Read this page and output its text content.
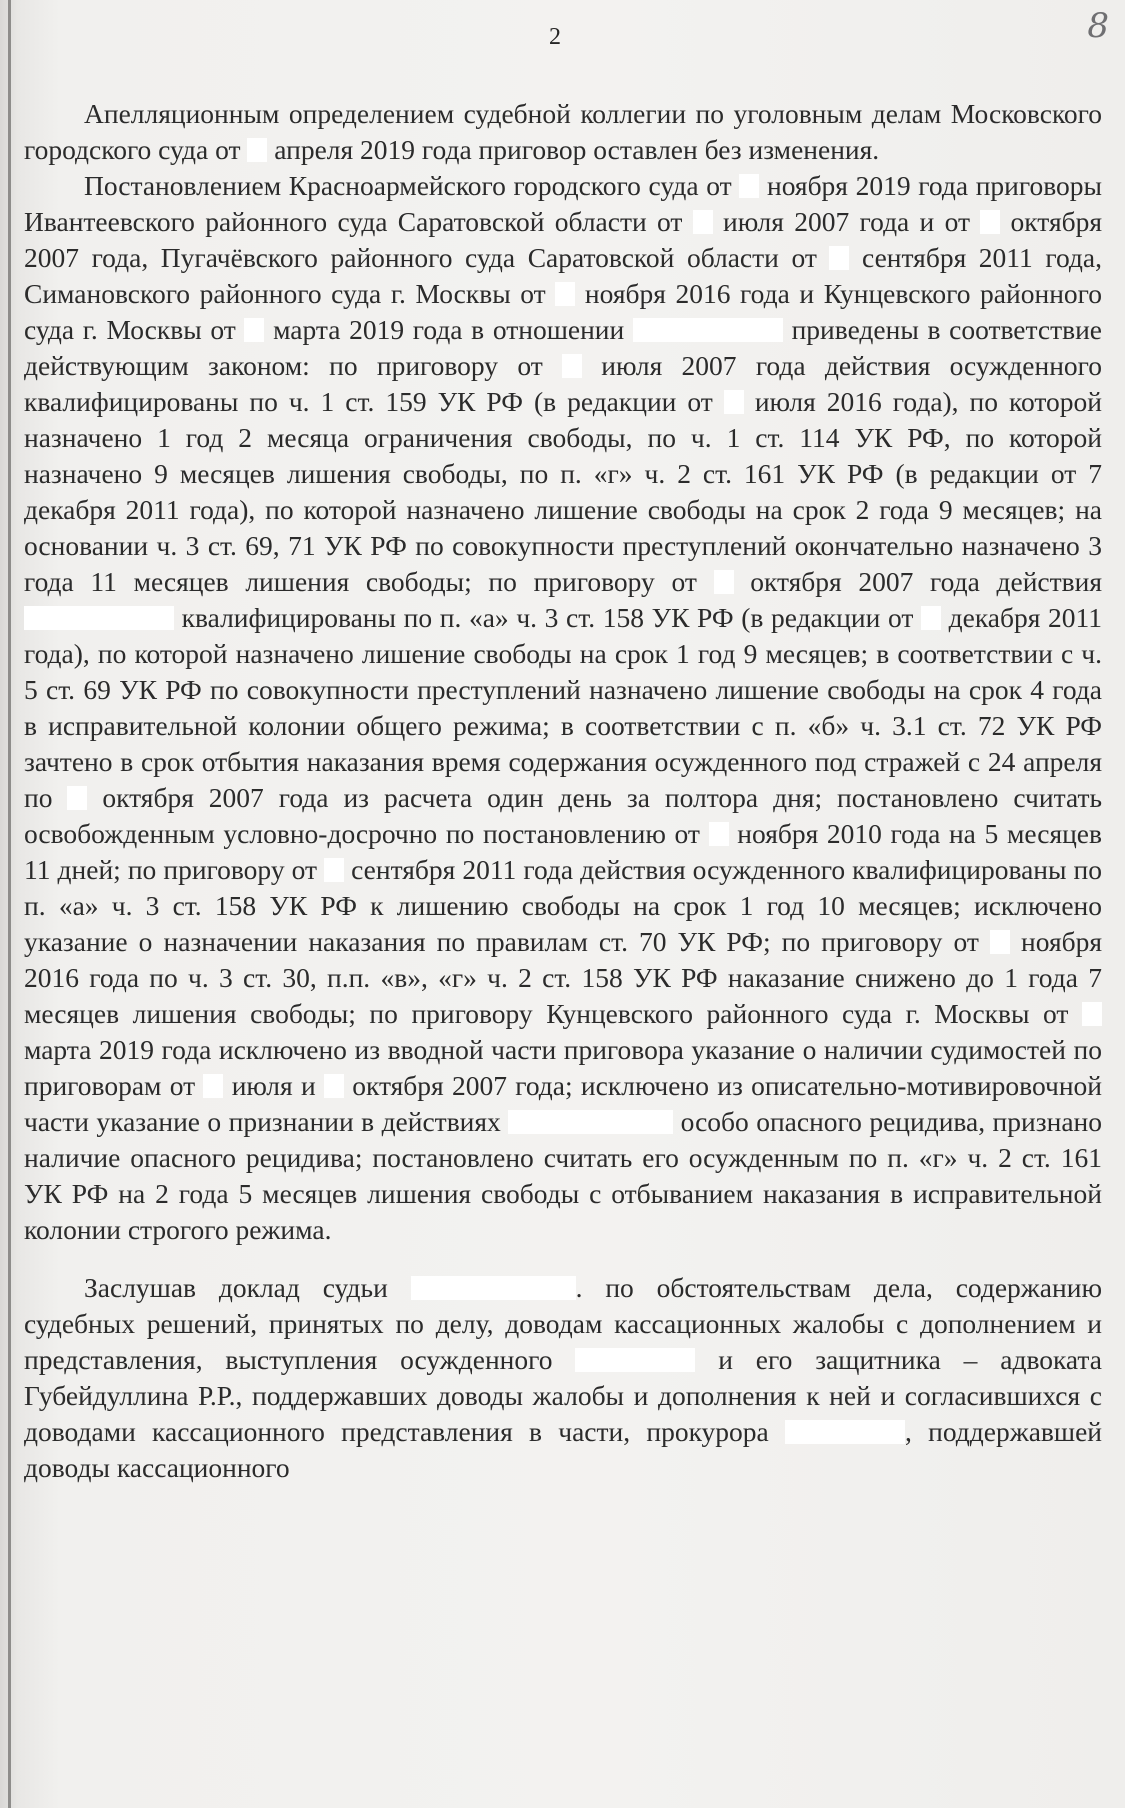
8
2

Апелляционным определением судебной коллегии по уголовным делам Московского городского суда от  апреля 2019 года приговор оставлен без изменения.

Постановлением Красноармейского городского суда от  ноября 2019 года приговоры Ивантеевского районного суда Саратовской области от  июля 2007 года и от  октября 2007 года, Пугачёвского районного суда Саратовской области от  сентября 2011 года, Симановского районного суда г. Москвы от  ноября 2016 года и Кунцевского районного суда г. Москвы от  марта 2019 года в отношении	приведены в соответствие действующим законом: по приговору от  июля 2007 года действия осужденного квалифицированы по ч. 1 ст. 159 УК РФ (в редакции от  июля 2016 года), по которой назначено 1 год 2 месяца ограничения свободы, по ч. 1 ст. 114 УК РФ, по которой назначено 9 месяцев лишения свободы, по п. «г» ч. 2 ст. 161 УК РФ (в редакции от 7 декабря 2011 года), по которой назначено лишение свободы на срок 2 года 9 месяцев; на основании ч. 3 ст. 69, 71 УК РФ по совокупности преступлений окончательно назначено 3 года 11 месяцев лишения свободы; по приговору от  октября 2007 года действия  квалифицированы по п. «а» ч. 3 ст. 158 УК РФ (в редакции от  декабря 2011 года), по которой назначено лишение свободы на срок 1 год 9 месяцев; в соответствии с ч. 5 ст. 69 УК РФ по совокупности преступлений назначено лишение свободы на срок 4 года в исправительной колонии общего режима; в соответствии с п. «б» ч. 3.1 ст. 72 УК РФ зачтено в срок отбытия наказания время содержания осужденного под стражей с 24 апреля по  октября 2007 года из расчета один день за полтора дня; постановлено считать освобожденным условно-досрочно по постановлению от  ноября 2010 года на 5 месяцев 11 дней; по приговору от  сентября 2011 года действия осужденного квалифицированы по п. «а» ч. 3 ст. 158 УК РФ к лишению свободы на срок 1 год 10 месяцев; исключено указание о назначении наказания по правилам ст. 70 УК РФ; по приговору от  ноября 2016 года по ч. 3 ст. 30, п.п. «в», «г» ч. 2 ст. 158 УК РФ наказание снижено до 1 года 7 месяцев лишения свободы; по приговору Кунцевского районного суда г. Москвы от  марта 2019 года исключено из вводной части приговора указание о наличии судимостей по приговорам от  июля и  октября 2007 года; исключено из описательно-мотивировочной части указание о признании в действиях	особо опасного рецидива, признано наличие опасного рецидива; постановлено считать его осужденным по п. «г» ч. 2 ст. 161 УК РФ на 2 года 5 месяцев лишения свободы с отбыванием наказания в исправительной колонии строгого режима.

Заслушав доклад судьи	. по обстоятельствам дела, содержанию судебных решений, принятых по делу, доводам кассационных жалобы с дополнением и представления, выступления осужденного	и его защитника – адвоката Губейдуллина Р.Р., поддержавших доводы жалобы и дополнения к ней и согласившихся с доводами кассационного представления в части, прокурора	, поддержавшей доводы кассационного
